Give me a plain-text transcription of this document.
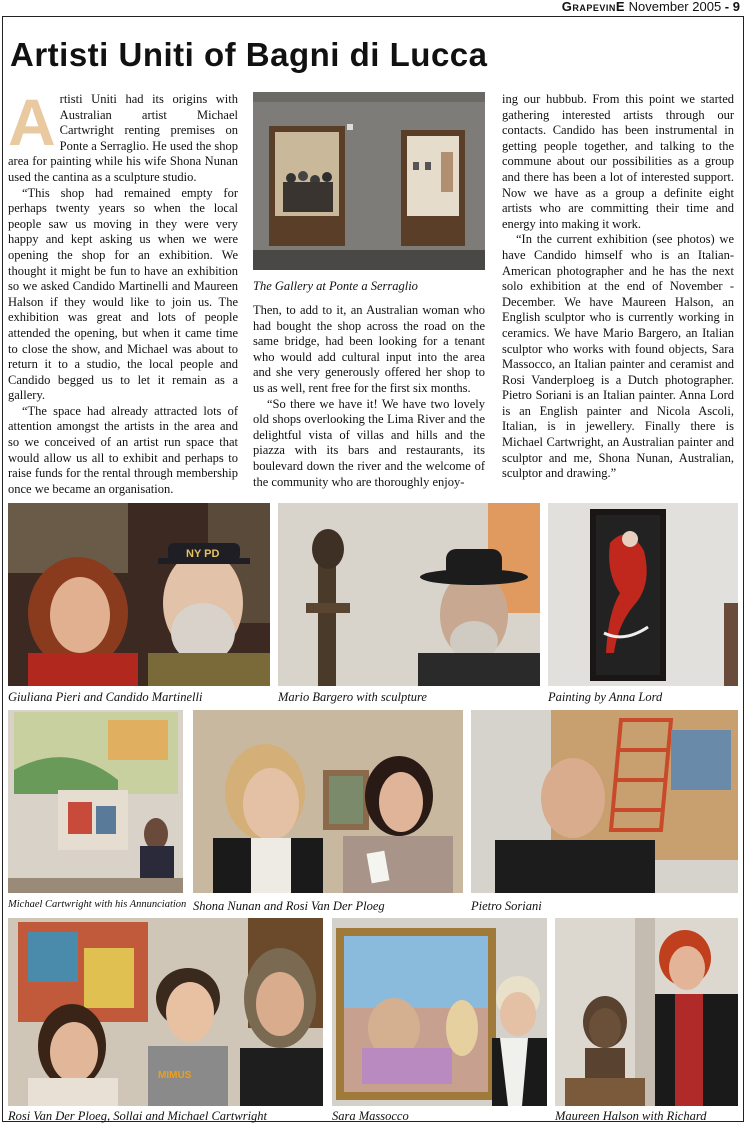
GrapevinE November 2005 - 9
Artisti Uniti of Bagni di Lucca
A rtisti Uniti had its origins with Australian artist Michael Cartwright renting premises on Ponte a Serraglio. He used the shop area for painting while his wife Shona Nunan used the cantina as a sculpture studio.

“This shop had remained empty for perhaps twenty years so when the local people saw us moving in they were very happy and kept asking us when we were opening the shop for an exhibition. We thought it might be fun to have an exhibition so we asked Candido Martinelli and Maureen Halson if they would like to join us. The exhibition was great and lots of people attended the opening, but when it came time to close the show, and Michael was about to return it to a studio, the local people and Candido begged us to let it remain as a gallery.

“The space had already attracted lots of attention amongst the artists in the area and so we conceived of an artist run space that would allow us all to exhibit and perhaps to raise funds for the rental through membership once we became an organisation.

The Gallery at Ponte a Serraglio

Then, to add to it, an Australian woman who had bought the shop across the road on the same bridge, had been looking for a tenant who would add cultural input into the area and she very generously offered her shop to us as well, rent free for the first six months.

“So there we have it! We have two lovely old shops overlooking the Lima River and the delightful vista of villas and hills and the piazza with its bars and restaurants, its boulevard down the river and the welcome of the community who are thoroughly enjoy-

ing our hubbub. From this point we started gathering interested artists through our contacts. Candido has been instrumental in getting people together, and talking to the commune about our possibilities as a group and there has been a lot of interested support. Now we have as a group a definite eight artists who are committing their time and energy into making it work.

“In the current exhibition (see photos) we have Candido himself who is an Italian-American photographer and he has the next solo exhibition at the end of November - December. We have Maureen Halson, an English sculptor who is currently working in ceramics. We have Mario Bargero, an Italian sculptor who works with found objects, Sara Massocco, an Italian painter and ceramist and Rosi Vanderploeg is a Dutch photographer. Pietro Soriani is an Italian painter. Anna Lord is an English painter and Nicola Ascoli, Italian, is in jewellery. Finally there is Michael Cartwright, an Australian painter and sculptor and me, Shona Nunan, Australian, sculptor and drawing.”

NY PD
Giuliana Pieri and Candido Martinelli	Mario Bargero with sculpture	Painting by Anna Lord
Michael Cartwright with his Annunciation Shona Nunan and Rosi Van Der Ploeg	Pietro Soriani
MIMUS
Rosi Van Der Ploeg, Sollai and Michael Cartwright	Sara Massocco	Maureen Halson with Richard
